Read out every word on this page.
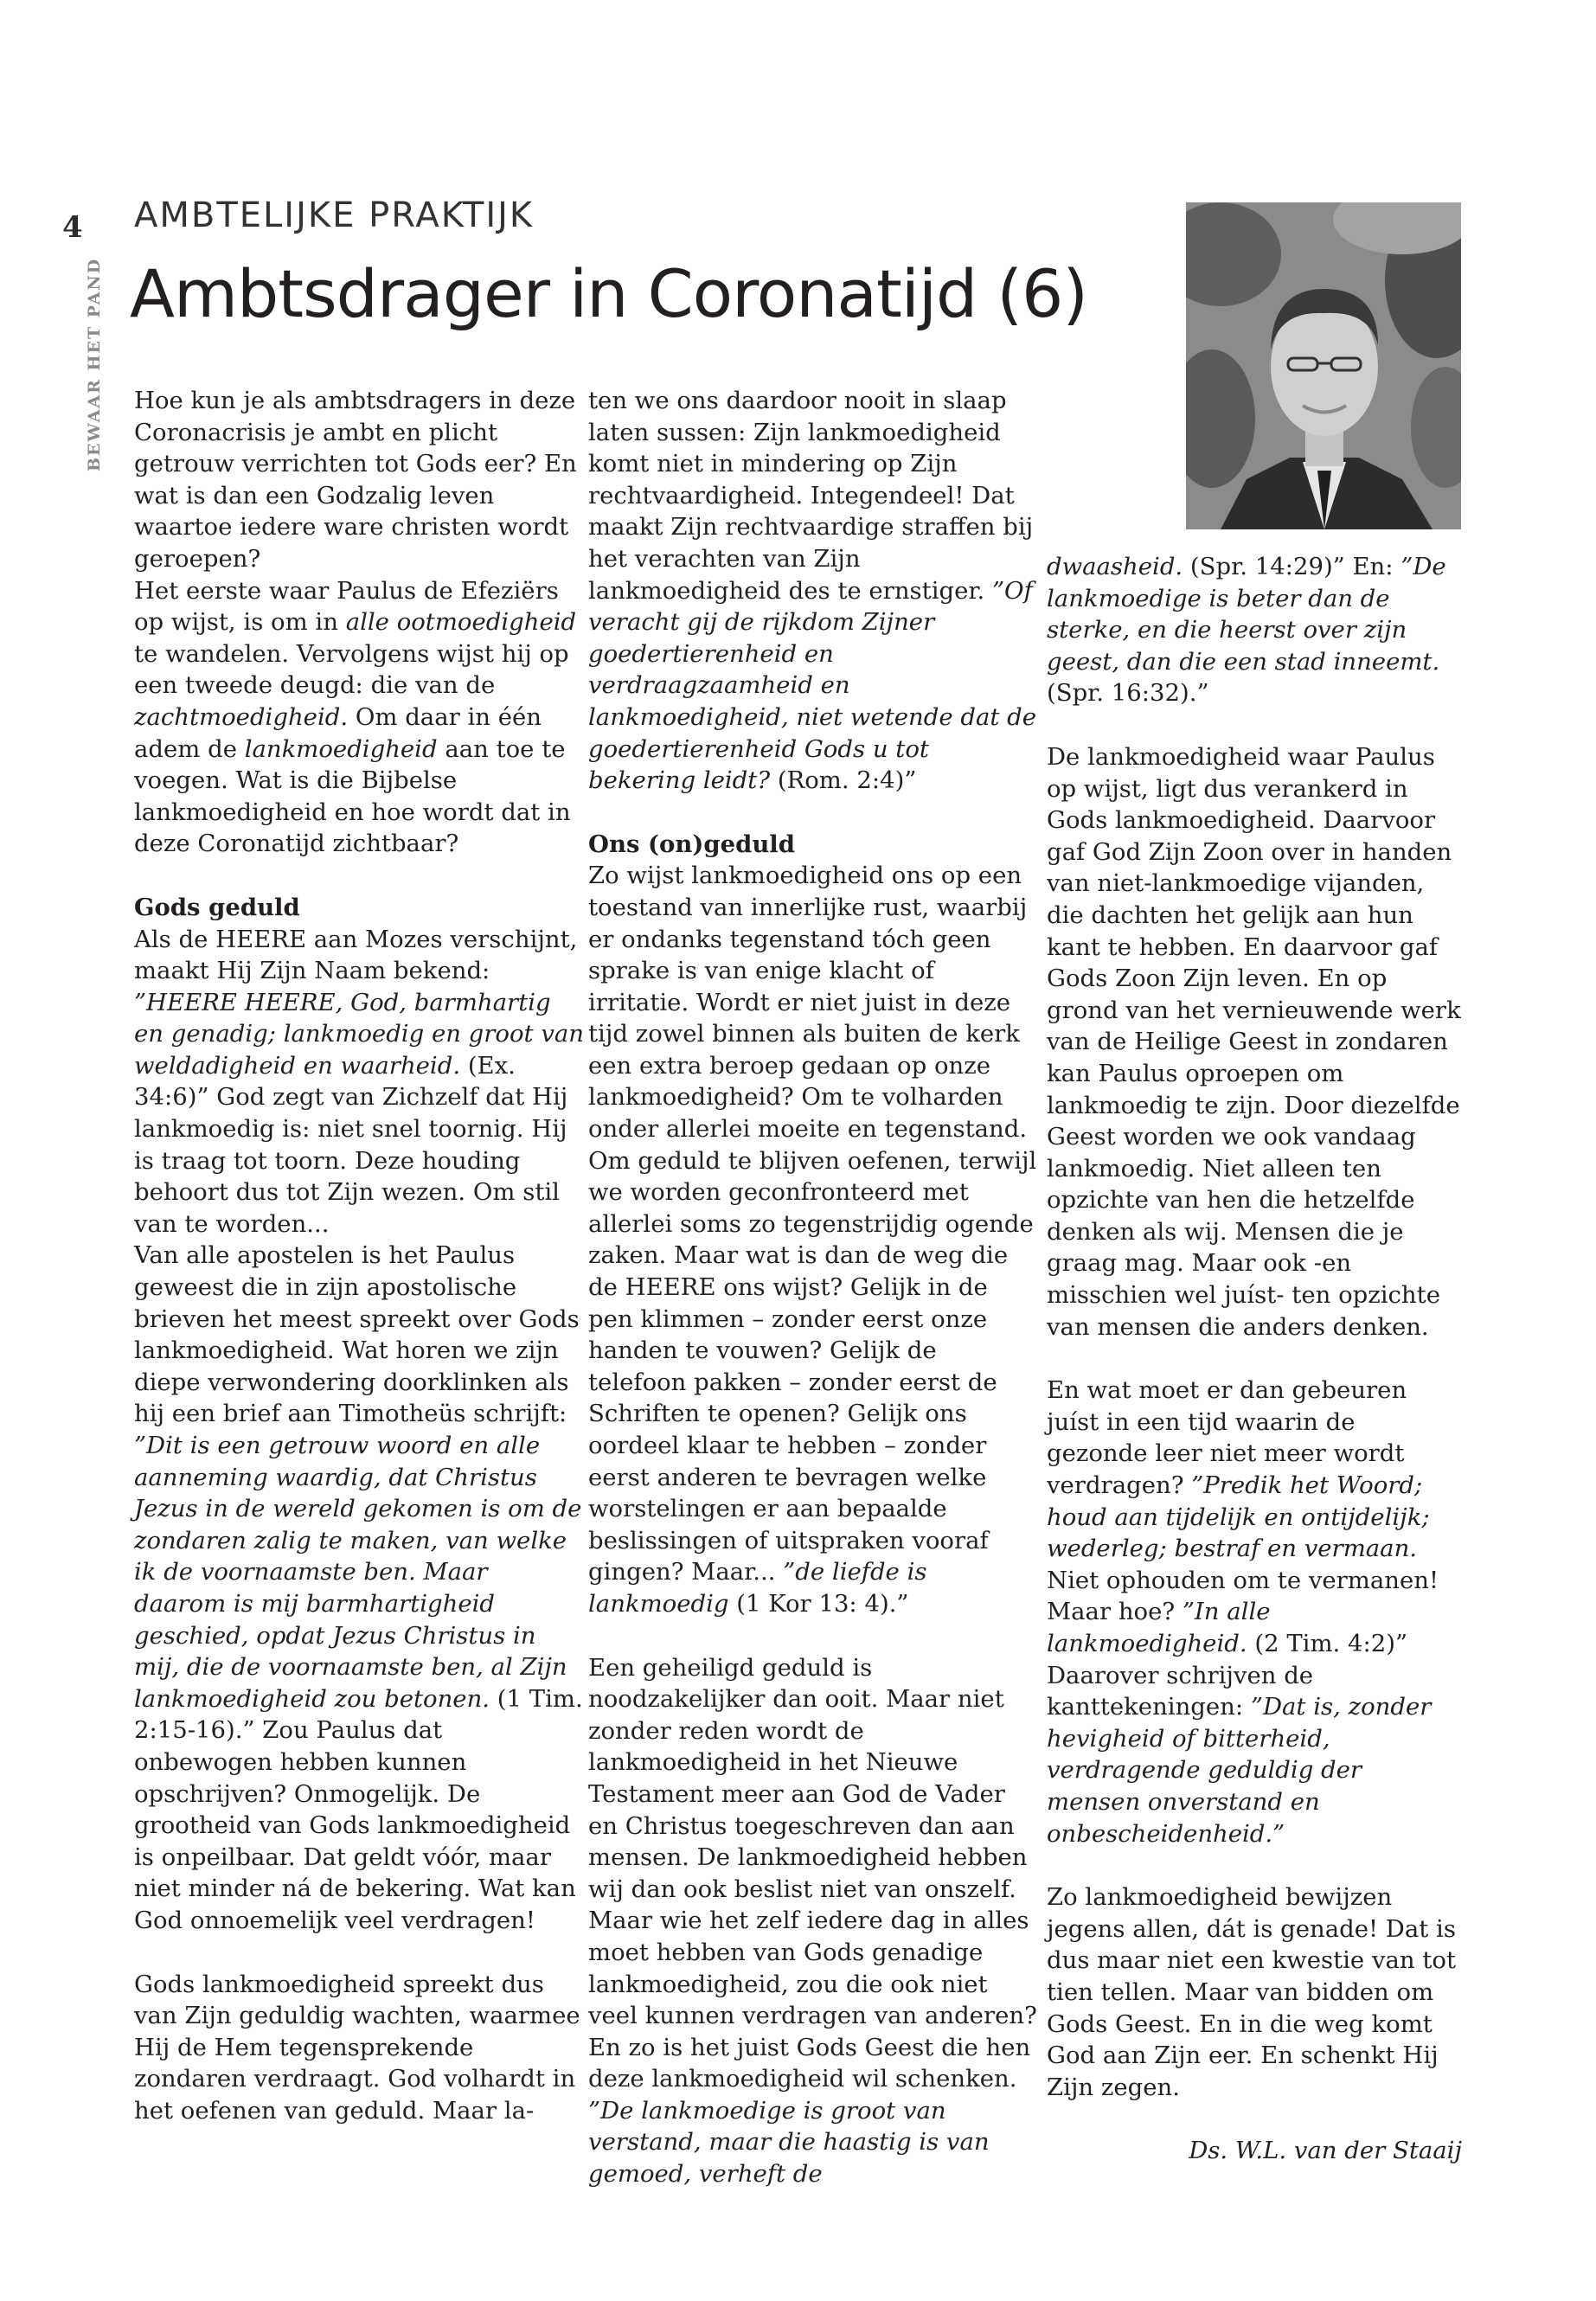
4
BEWAAR HET PAND
AMBTELIJKE PRAKTIJK
Ambtsdrager in Coronatijd (6)

Hoe kun je als ambtsdragers in deze Coronacrisis je ambt en plicht getrouw verrichten tot Gods eer? En wat is dan een Godzalig leven waartoe iedere ware christen wordt geroepen?

Het eerste waar Paulus de Efeziërs op wijst, is om in alle ootmoedigheid te wandelen. Vervolgens wijst hij op een tweede deugd: die van de zachtmoedigheid. Om daar in één adem de lankmoedigheid aan toe te voegen. Wat is die Bijbelse lankmoedigheid en hoe wordt dat in deze Coronatijd zichtbaar?

Gods geduld

Als de HEERE aan Mozes verschijnt, maakt Hij Zijn Naam bekend: ”HEERE HEERE, God, barmhartig en genadig; lankmoedig en groot van weldadigheid en waarheid. (Ex. 34:6)” God zegt van Zichzelf dat Hij lankmoedig is: niet snel toornig. Hij is traag tot toorn. Deze houding behoort dus tot Zijn wezen. Om stil van te worden...

Van alle apostelen is het Paulus geweest die in zijn apostolische brieven het meest spreekt over Gods lankmoedigheid. Wat horen we zijn diepe verwondering doorklinken als hij een brief aan Timotheüs schrijft: ”Dit is een getrouw woord en alle aanneming waardig, dat Christus Jezus in de wereld gekomen is om de zondaren zalig te maken, van welke ik de voornaamste ben. Maar daarom is mij barmhartigheid geschied, opdat Jezus Christus in mij, die de voornaamste ben, al Zijn lankmoedigheid zou betonen. (1 Tim. 2:15-16).” Zou Paulus dat onbewogen hebben kunnen opschrijven? Onmogelijk. De grootheid van Gods lankmoedigheid is onpeilbaar. Dat geldt vóór, maar niet minder ná de bekering. Wat kan God onnoemelijk veel verdragen!

Gods lankmoedigheid spreekt dus van Zijn geduldig wachten, waarmee Hij de Hem tegensprekende zondaren verdraagt. God volhardt in het oefenen van geduld. Maar la-

ten we ons daardoor nooit in slaap laten sussen: Zijn lankmoedigheid komt niet in mindering op Zijn rechtvaardigheid. Integendeel! Dat maakt Zijn rechtvaardige straffen bij het verachten van Zijn lankmoedigheid des te ernstiger. ”Of veracht gij de rijkdom Zijner goedertierenheid en verdraagzaamheid en lankmoedigheid, niet wetende dat de goedertierenheid Gods u tot bekering leidt? (Rom. 2:4)”

Ons (on)geduld

Zo wijst lankmoedigheid ons op een toestand van innerlijke rust, waarbij er ondanks tegenstand tóch geen sprake is van enige klacht of irritatie. Wordt er niet juist in deze tijd zowel binnen als buiten de kerk een extra beroep gedaan op onze lankmoedigheid? Om te volharden onder allerlei moeite en tegenstand. Om geduld te blijven oefenen, terwijl we worden geconfronteerd met allerlei soms zo tegenstrijdig ogende zaken. Maar wat is dan de weg die de HEERE ons wijst? Gelijk in de pen klimmen – zonder eerst onze handen te vouwen? Gelijk de telefoon pakken – zonder eerst de Schriften te openen? Gelijk ons oordeel klaar te hebben – zonder eerst anderen te bevragen welke worstelingen er aan bepaalde beslissingen of uitspraken vooraf gingen? Maar... ”de liefde is lankmoedig (1 Kor 13: 4).”

Een geheiligd geduld is noodzakelijker dan ooit. Maar niet zonder reden wordt de lankmoedigheid in het Nieuwe Testament meer aan God de Vader en Christus toegeschreven dan aan mensen. De lankmoedigheid hebben wij dan ook beslist niet van onszelf. Maar wie het zelf iedere dag in alles moet hebben van Gods genadige lankmoedigheid, zou die ook niet veel kunnen verdragen van anderen? En zo is het juist Gods Geest die hen deze lankmoedigheid wil schenken. ”De lankmoedige is groot van verstand, maar die haastig is van gemoed, verheft de

dwaasheid. (Spr. 14:29)” En: ”De lankmoedige is beter dan de sterke, en die heerst over zijn geest, dan die een stad inneemt. (Spr. 16:32).”

De lankmoedigheid waar Paulus op wijst, ligt dus verankerd in Gods lankmoedigheid. Daarvoor gaf God Zijn Zoon over in handen van niet-lankmoedige vijanden, die dachten het gelijk aan hun kant te hebben. En daarvoor gaf Gods Zoon Zijn leven. En op grond van het vernieuwende werk van de Heilige Geest in zondaren kan Paulus oproepen om lankmoedig te zijn. Door diezelfde Geest worden we ook vandaag lankmoedig. Niet alleen ten opzichte van hen die hetzelfde denken als wij. Mensen die je graag mag. Maar ook -en misschien wel juíst- ten opzichte van mensen die anders denken.

En wat moet er dan gebeuren juíst in een tijd waarin de gezonde leer niet meer wordt verdragen? ”Predik het Woord; houd aan tijdelijk en ontijdelijk; wederleg; bestraf en vermaan. Niet ophouden om te vermanen! Maar hoe? ”In alle lankmoedigheid. (2 Tim. 4:2)” Daarover schrijven de kanttekeningen: ”Dat is, zonder hevigheid of bitterheid, verdragende geduldig der mensen onverstand en onbescheidenheid.”

Zo lankmoedigheid bewijzen jegens allen, dát is genade! Dat is dus maar niet een kwestie van tot tien tellen. Maar van bidden om Gods Geest. En in die weg komt God aan Zijn eer. En schenkt Hij Zijn zegen.

Ds. W.L. van der Staaij
